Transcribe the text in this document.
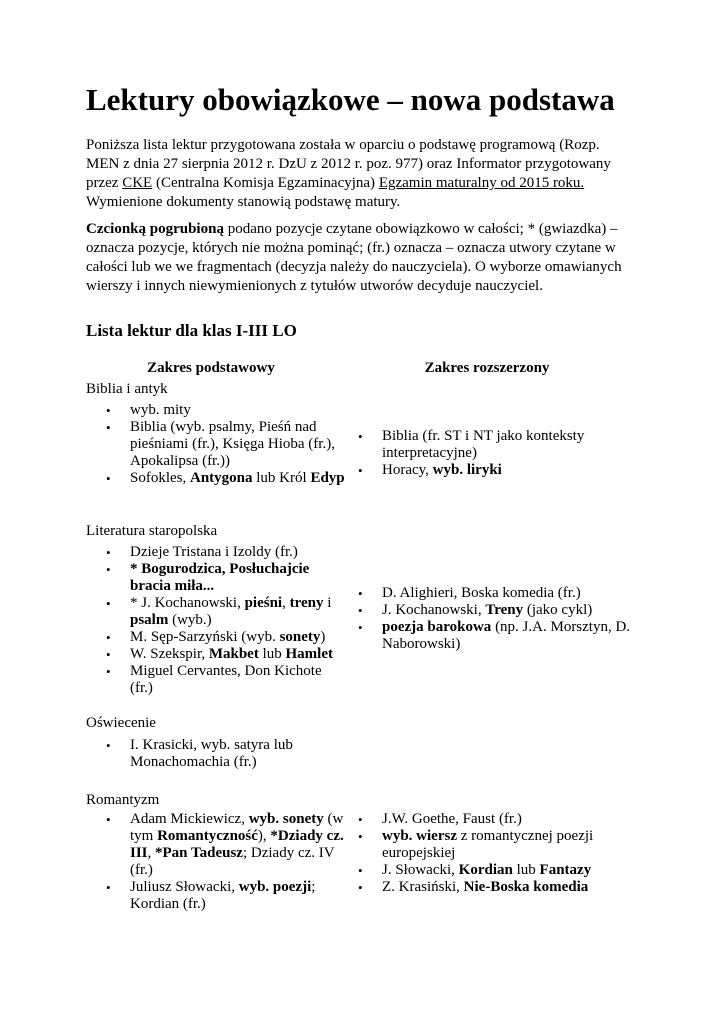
Lektury obowiązkowe – nowa podstawa

Poniższa lista lektur przygotowana została w oparciu o podstawę programową (Rozp. MEN z dnia 27 sierpnia 2012 r. DzU z 2012 r. poz. 977) oraz Informator przygotowany przez CKE (Centralna Komisja Egzaminacyjna) Egzamin maturalny od 2015 roku. Wymienione dokumenty stanowią podstawę matury.

Czcionką pogrubioną podano pozycje czytane obowiązkowo w całości; * (gwiazdka) – oznacza pozycje, których nie można pominąć; (fr.) oznacza – oznacza utwory czytane w całości lub we we fragmentach (decyzja należy do nauczyciela). O wyborze omawianych wierszy i innych niewymienionych z tytułów utworów decyduje nauczyciel.

Lista lektur dla klas I-III LO
Zakres podstawowy	Zakres rozszerzony
Biblia i antyk
• wyb. mity
• Biblia (wyb. psalmy, Pieśń nad pieśniami (fr.), Księga Hioba (fr.), Apokalipsa (fr.))
• Sofokles, Antygona lub Król Edyp
• Biblia (fr. ST i NT jako konteksty interpretacyjne)
• Horacy, wyb. liryki
Literatura staropolska
• Dzieje Tristana i Izoldy (fr.)
• * Bogurodzica, Posłuchajcie bracia miła...
• * J. Kochanowski, pieśni, treny i psalm (wyb.)
• M. Sęp-Sarzyński (wyb. sonety)
• W. Szekspir, Makbet lub Hamlet
• Miguel Cervantes, Don Kichote (fr.)
• D. Alighieri, Boska komedia (fr.)
• J. Kochanowski, Treny (jako cykl)
• poezja barokowa (np. J.A. Morsztyn, D. Naborowski)
Oświecenie
• I. Krasicki, wyb. satyra lub Monachomachia (fr.)
Romantyzm
• Adam Mickiewicz, wyb. sonety (w tym Romantyczność), *Dziady cz. III, *Pan Tadeusz; Dziady cz. IV (fr.)
• Juliusz Słowacki, wyb. poezji; Kordian (fr.)
• J.W. Goethe, Faust (fr.)
• wyb. wiersz z romantycznej poezji europejskiej
• J. Słowacki, Kordian lub Fantazy
• Z. Krasiński, Nie-Boska komedia
